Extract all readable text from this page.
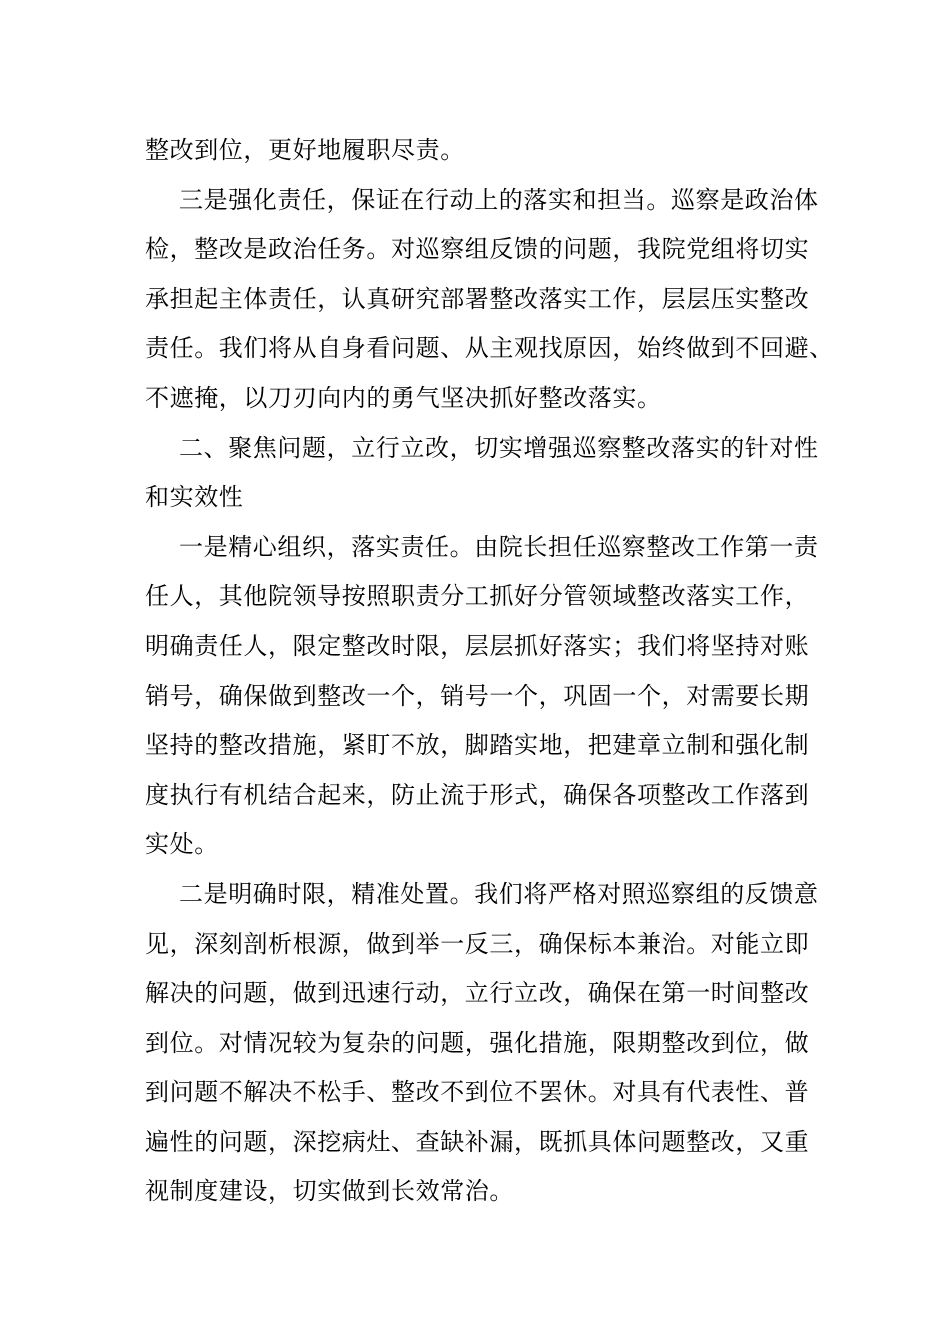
整改到位，更好地履职尽责。
三是强化责任，保证在行动上的落实和担当。巡察是政治体
检，整改是政治任务。对巡察组反馈的问题，我院党组将切实
承担起主体责任，认真研究部署整改落实工作，层层压实整改
责任。我们将从自身看问题、从主观找原因，始终做到不回避、
不遮掩，以刀刃向内的勇气坚决抓好整改落实。
二、聚焦问题，立行立改，切实增强巡察整改落实的针对性
和实效性
一是精心组织，落实责任。由院长担任巡察整改工作第一责
任人，其他院领导按照职责分工抓好分管领域整改落实工作，
明确责任人，限定整改时限，层层抓好落实；我们将坚持对账
销号，确保做到整改一个，销号一个，巩固一个，对需要长期
坚持的整改措施，紧盯不放，脚踏实地，把建章立制和强化制
度执行有机结合起来，防止流于形式，确保各项整改工作落到
实处。
二是明确时限，精准处置。我们将严格对照巡察组的反馈意
见，深刻剖析根源，做到举一反三，确保标本兼治。对能立即
解决的问题，做到迅速行动，立行立改，确保在第一时间整改
到位。对情况较为复杂的问题，强化措施，限期整改到位，做
到问题不解决不松手、整改不到位不罢休。对具有代表性、普
遍性的问题，深挖病灶、查缺补漏，既抓具体问题整改，又重
视制度建设，切实做到长效常治。
